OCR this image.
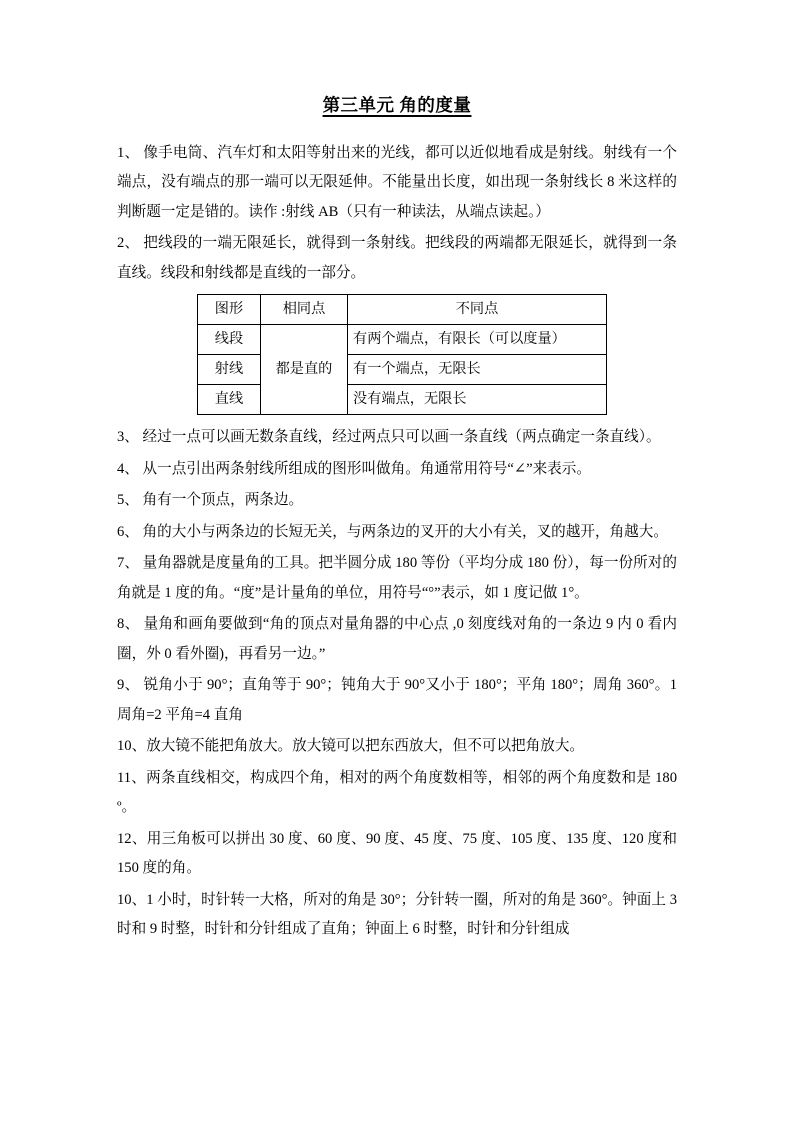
第三单元 角的度量

1、 像手电筒、汽车灯和太阳等射出来的光线，都可以近似地看成是射线。射线有一个端点，没有端点的那一端可以无限延伸。不能量出长度，如出现一条射线长 8 米这样的判断题一定是错的。读作 :射线 AB（只有一种读法，从端点读起。）

2、 把线段的一端无限延长，就得到一条射线。把线段的两端都无限延长，就得到一条直线。线段和射线都是直线的一部分。

图形	相同点	不同点
线段	都是直的	有两个端点，有限长（可以度量）
射线		有一个端点，无限长
直线		没有端点，无限长

3、 经过一点可以画无数条直线，经过两点只可以画一条直线（两点确定一条直线）。

4、 从一点引出两条射线所组成的图形叫做角。角通常用符号“∠”来表示。

5、 角有一个顶点，两条边。

6、 角的大小与两条边的长短无关，与两条边的叉开的大小有关，叉的越开，角越大。

7、 量角器就是度量角的工具。把半圆分成 180 等份（平均分成 180 份），每一份所对的角就是 1 度的角。“度”是计量角的单位，用符号“°”表示，如 1 度记做 1°。

8、 量角和画角要做到“角的顶点对量角器的中心点 ,0 刻度线对角的一条边 9 内 0 看内圈，外 0 看外圈)，再看另一边。”

9、 锐角小于 90°；直角等于 90°；钝角大于 90°又小于 180°；平角 180°；周角 360°。1 周角=2 平角=4 直角

10、放大镜不能把角放大。放大镜可以把东西放大，但不可以把角放大。

11、两条直线相交，构成四个角，相对的两个角度数相等，相邻的两个角度数和是 180º。

12、用三角板可以拼出 30 度、60 度、90 度、45 度、75 度、105 度、135 度、120 度和 150 度的角。

10、1 小时，时针转一大格，所对的角是 30°；分针转一圈，所对的角是 360°。钟面上 3 时和 9 时整，时针和分针组成了直角；钟面上 6 时整，时针和分针组成
